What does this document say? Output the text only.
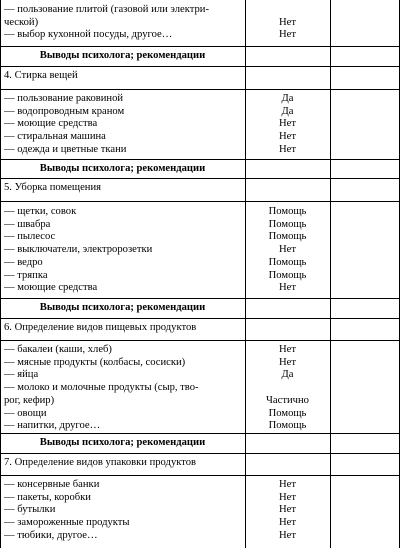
— пользование плитой (газовой или электри-
ческой)	Нет
— выбор кухонной посуды, другое…	Нет
Выводы психолога; рекомендации
4. Стирка вещей
— пользование раковиной	Да
— водопроводным краном	Да
— моющие средства	Нет
— стиральная машина	Нет
— одежда и цветные ткани	Нет
Выводы психолога; рекомендации
5. Уборка помещения
— щетки, совок	Помощь
— швабра	Помощь
— пылесос	Помощь
— выключатели, электророзетки	Нет
— ведро	Помощь
— тряпка	Помощь
— моющие средства	Нет
Выводы психолога; рекомендации
6. Определение видов пищевых продуктов
— бакалеи (каши, хлеб)	Нет
— мясные продукты (колбасы, сосиски)	Нет
— яйца	Да
— молоко и молочные продукты (сыр, тво-
рог, кефир)	Частично
— овощи	Помощь
— напитки, другое…	Помощь
Выводы психолога; рекомендации
7. Определение видов упаковки продуктов
— консервные банки	Нет
— пакеты, коробки	Нет
— бутылки	Нет
— замороженные продукты	Нет
— тюбики, другое…	Нет
